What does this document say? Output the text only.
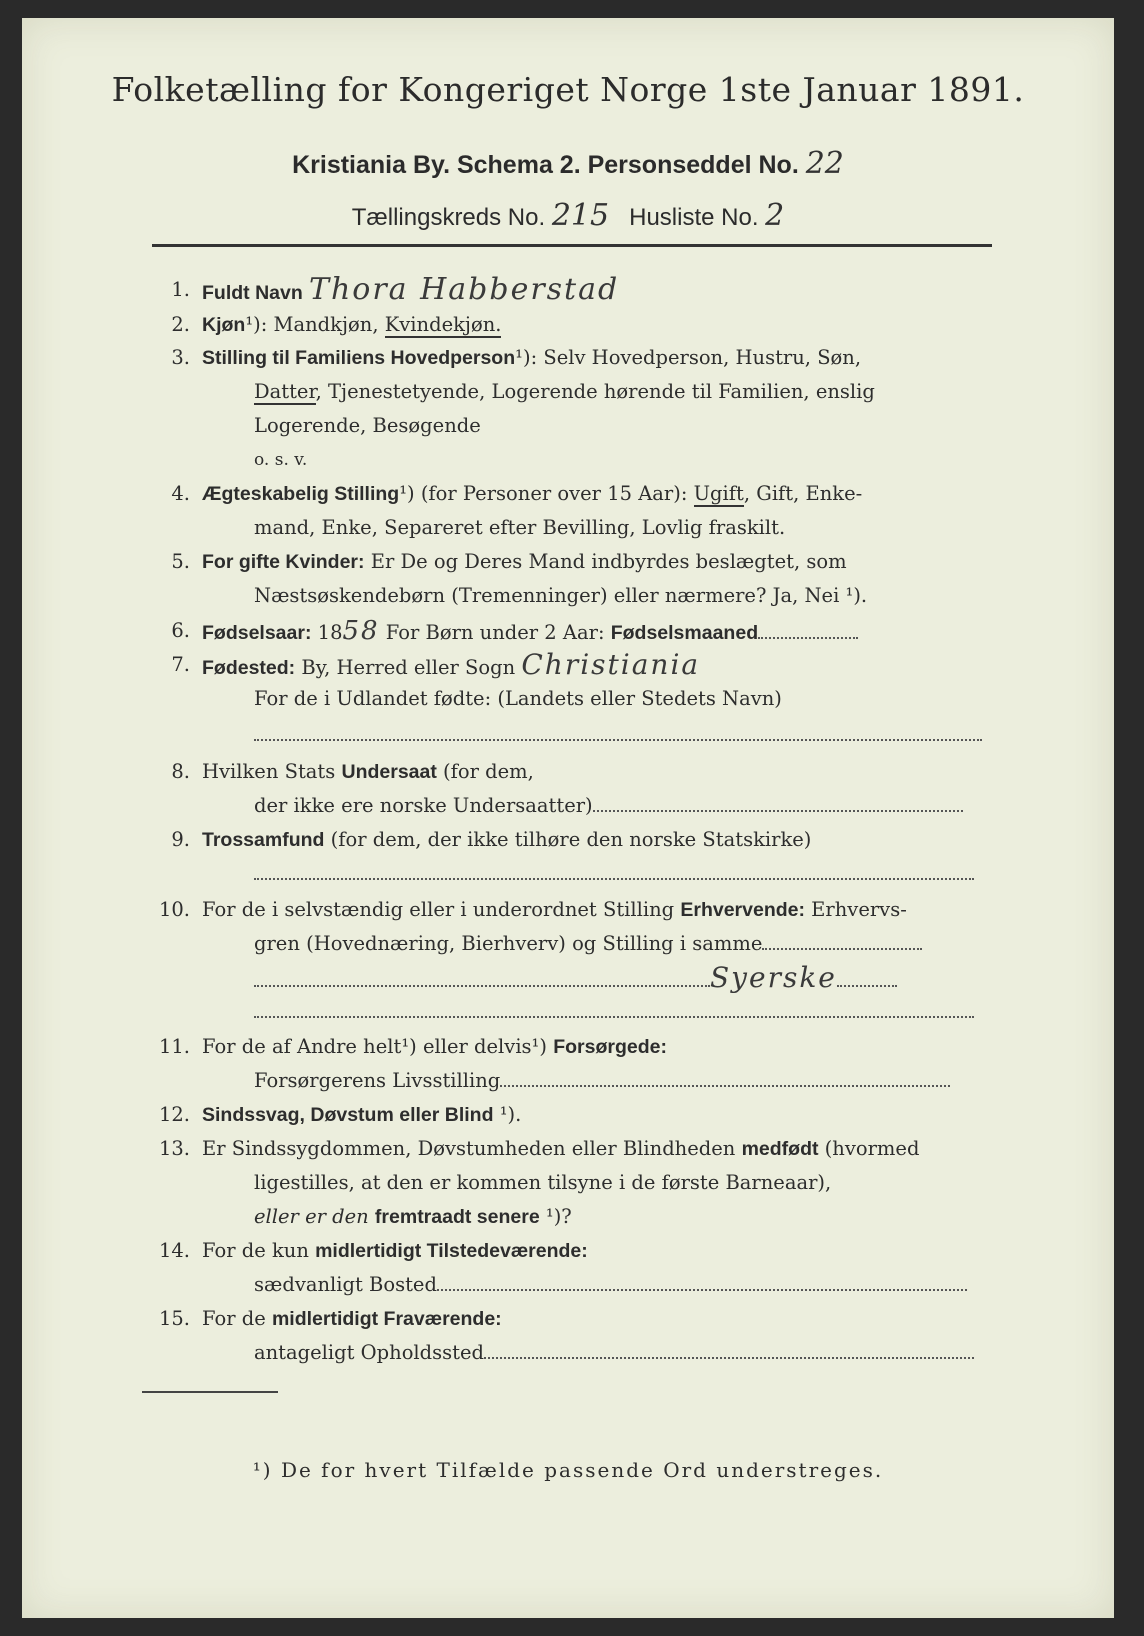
Folketælling for Kongeriget Norge 1ste Januar 1891.
Kristiania By. Schema 2. Personseddel No. 22
Tællingskreds No. 215 Husliste No. 2
1. Fuldt Navn Thora Habberstad
2. Kjøn¹): Mandkjøn, Kvindekjøn.
3. Stilling til Familiens Hovedperson¹): Selv Hovedperson, Hustru, Søn,
Datter, Tjenestetyende, Logerende hørende til Familien, enslig
Logerende, Besøgende
o. s. v.
4. Ægteskabelig Stilling¹) (for Personer over 15 Aar): Ugift, Gift, Enke-
mand, Enke, Separeret efter Bevilling, Lovlig fraskilt.
5. For gifte Kvinder: Er De og Deres Mand indbyrdes beslægtet, som
Næstsøskendebørn (Tremenninger) eller nærmere? Ja, Nei ¹).
6. Fødselsaar: 1858 For Børn under 2 Aar: Fødselsmaaned
7. Fødested: By, Herred eller Sogn Christiania
For de i Udlandet fødte: (Landets eller Stedets Navn)
8. Hvilken Stats Undersaat (for dem,
der ikke ere norske Undersaatter)
9. Trossamfund (for dem, der ikke tilhøre den norske Statskirke)
10. For de i selvstændig eller i underordnet Stilling Erhvervende: Erhvervs-
gren (Hovednæring, Bierhverv) og Stilling i samme
Syerske
11. For de af Andre helt¹) eller delvis¹) Forsørgede:
Forsørgerens Livsstilling
12. Sindssvag, Døvstum eller Blind ¹).
13. Er Sindssygdommen, Døvstumheden eller Blindheden medfødt (hvormed
ligestilles, at den er kommen tilsyne i de første Barneaar),
eller er den fremtraadt senere ¹)?
14. For de kun midlertidigt Tilstedeværende:
sædvanligt Bosted
15. For de midlertidigt Fraværende:
antageligt Opholdssted
¹) De for hvert Tilfælde passende Ord understreges.
